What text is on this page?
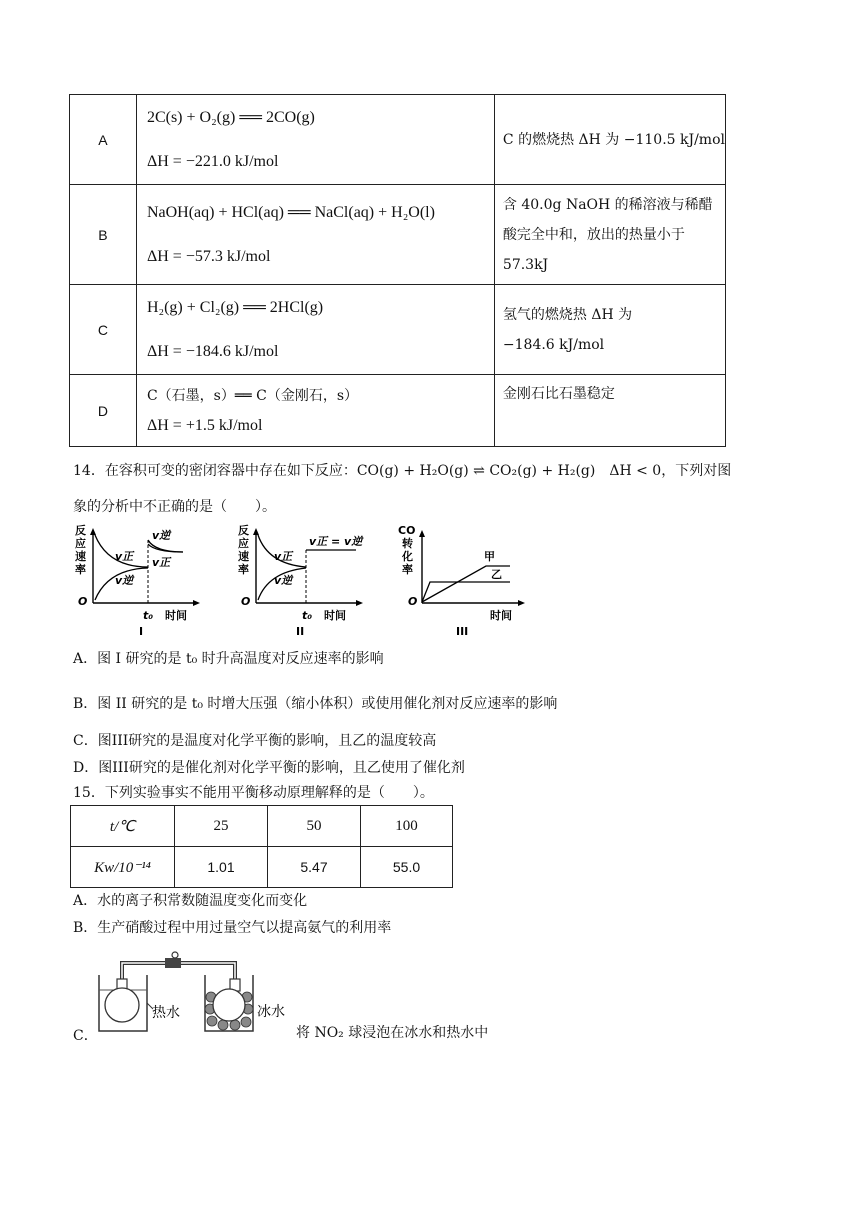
A	2C(s) + O₂(g) ══ 2CO(g)
ΔH = −221.0 kJ/mol	C 的燃烧热 ΔH 为 −110.5 kJ/mol

B	NaOH(aq) + HCl(aq) ══ NaCl(aq) + H₂O(l)
ΔH = −57.3 kJ/mol	含 40.0g NaOH 的稀溶液与稀醋
酸完全中和，放出的热量小于
57.3kJ

C	H₂(g) + Cl₂(g) ══ 2HCl(g)
ΔH = −184.6 kJ/mol	氢气的燃烧热 ΔH 为
−184.6 kJ/mol

D	C（石墨，s）══ C（金刚石，s）
ΔH = +1.5 kJ/mol	金刚石比石墨稳定
14．在容积可变的密闭容器中存在如下反应：CO(g) + H₂O(g) ⇌ CO₂(g) + H₂(g)　ΔH < 0，下列对图
象的分析中不正确的是（　　）。
反
应
速
率
O
v正
v逆
v逆
v正
t₀ 时间
I
反
应
速
率
O
v正
v逆
v正 = v逆
t₀ 时间
II
CO
转
化
率
O
甲
乙
时间
III
A．图 I 研究的是 t₀ 时升高温度对反应速率的影响
B．图 II 研究的是 t₀ 时增大压强（缩小体积）或使用催化剂对反应速率的影响
C．图III研究的是温度对化学平衡的影响，且乙的温度较高
D．图III研究的是催化剂对化学平衡的影响，且乙使用了催化剂
15．下列实验事实不能用平衡移动原理解释的是（　　）。
t/℃	25	50	100
Kw/10⁻¹⁴	1.01	5.47	55.0
A．水的离子积常数随温度变化而变化
B．生产硝酸过程中用过量空气以提高氨气的利用率
C．
热水	冰水
将 NO₂ 球浸泡在冰水和热水中
